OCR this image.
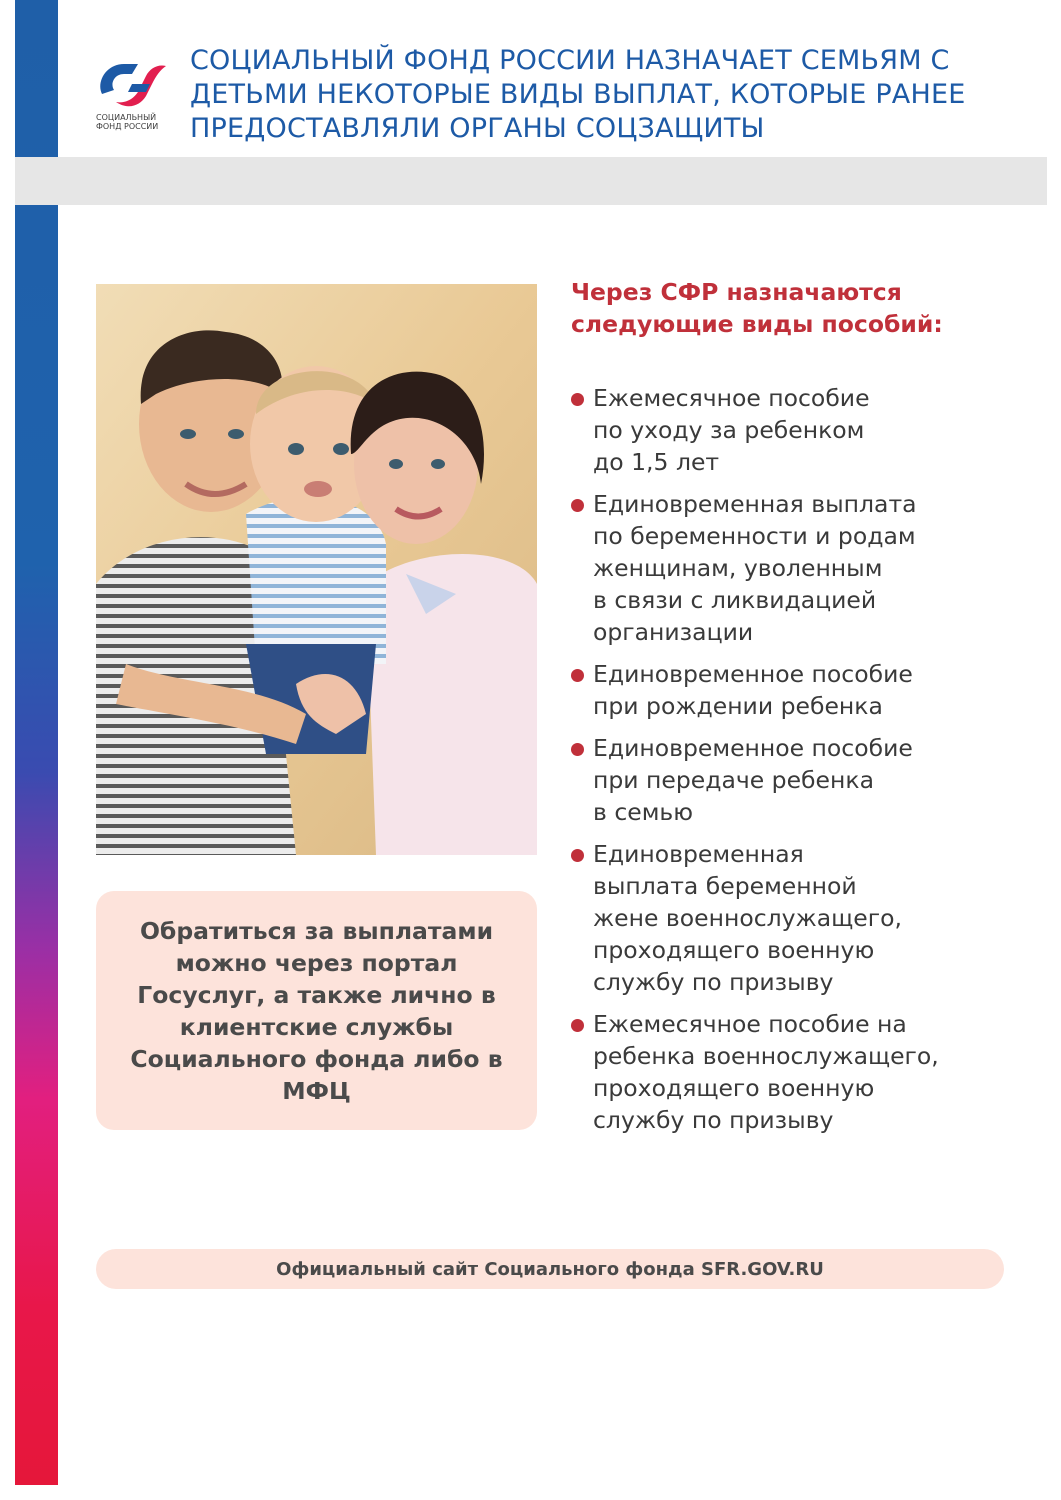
СОЦИАЛЬНЫЙ ФОНД РОССИИ
СОЦИАЛЬНЫЙ ФОНД РОССИИ НАЗНАЧАЕТ СЕМЬЯМ С ДЕТЬМИ НЕКОТОРЫЕ ВИДЫ ВЫПЛАТ, КОТОРЫЕ РАНЕЕ ПРЕДОСТАВЛЯЛИ ОРГАНЫ СОЦЗАЩИТЫ
Обратиться за выплатами можно через портал Госуслуг, а также лично в клиентские службы Социального фонда либо в МФЦ
Через СФР назначаются следующие виды пособий:
Ежемесячное пособие
по уходу за ребенком
до 1,5 лет
Единовременная выплата
по беременности и родам
женщинам, уволенным
в связи с ликвидацией
организации
Единовременное пособие
при рождении ребенка
Единовременное пособие
при передаче ребенка
в семью
Единовременная
выплата беременной
жене военнослужащего,
проходящего военную
службу по призыву
Ежемесячное пособие на
ребенка военнослужащего,
проходящего военную
службу по призыву
Официальный сайт Социального фонда SFR.GOV.RU
